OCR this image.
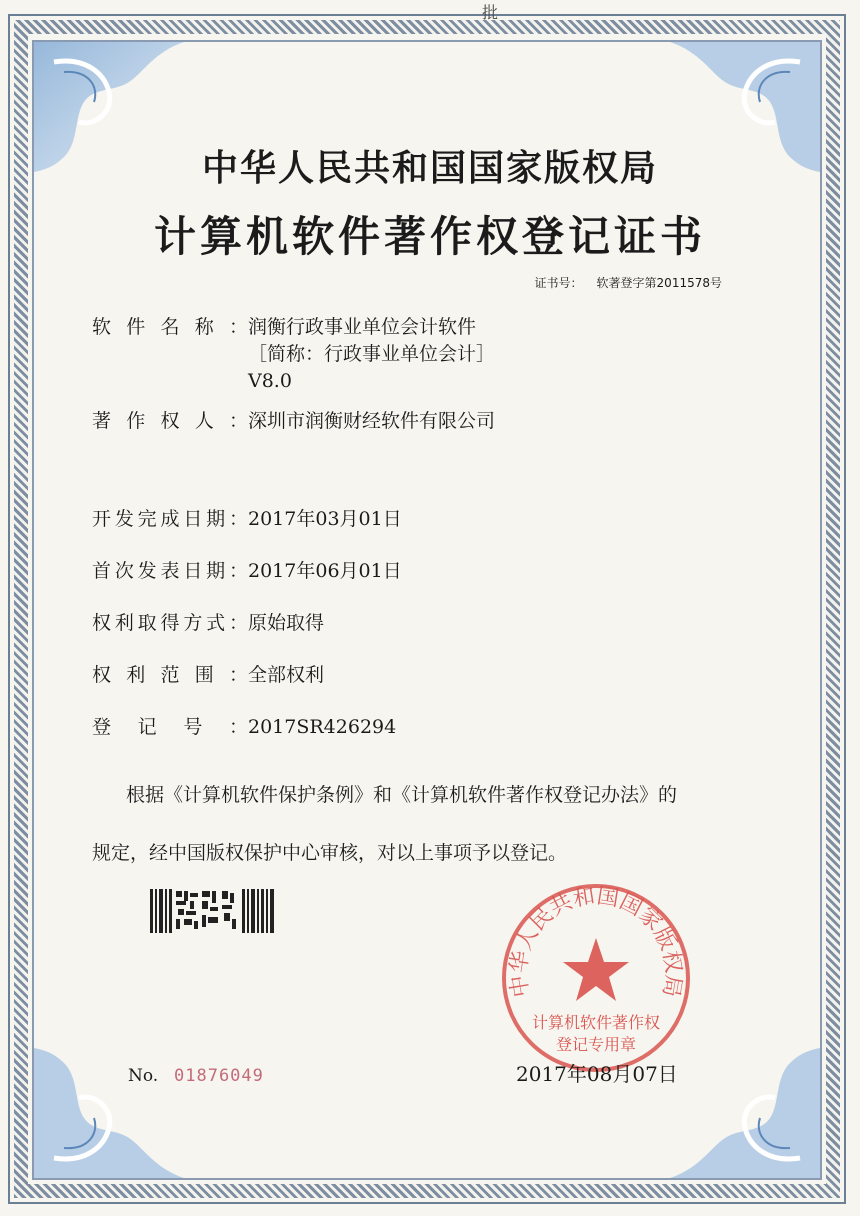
批
中华人民共和国国家版权局
计算机软件著作权登记证书
证书号： 软著登字第2011578号
软件名称： 润衡行政事业单位会计软件
［简称：行政事业单位会计］
V8.0
著作权人：深圳市润衡财经软件有限公司
开发完成日期：2017年03月01日
首次发表日期：2017年06月01日
权利取得方式：原始取得
权利范围：全部权利
登记号：2017SR426294
根据《计算机软件保护条例》和《计算机软件著作权登记办法》的
规定，经中国版权保护中心审核，对以上事项予以登记。
中华人民共和国国家版权局
计算机软件著作权
登记专用章
No. 01876049	2017年08月07日
